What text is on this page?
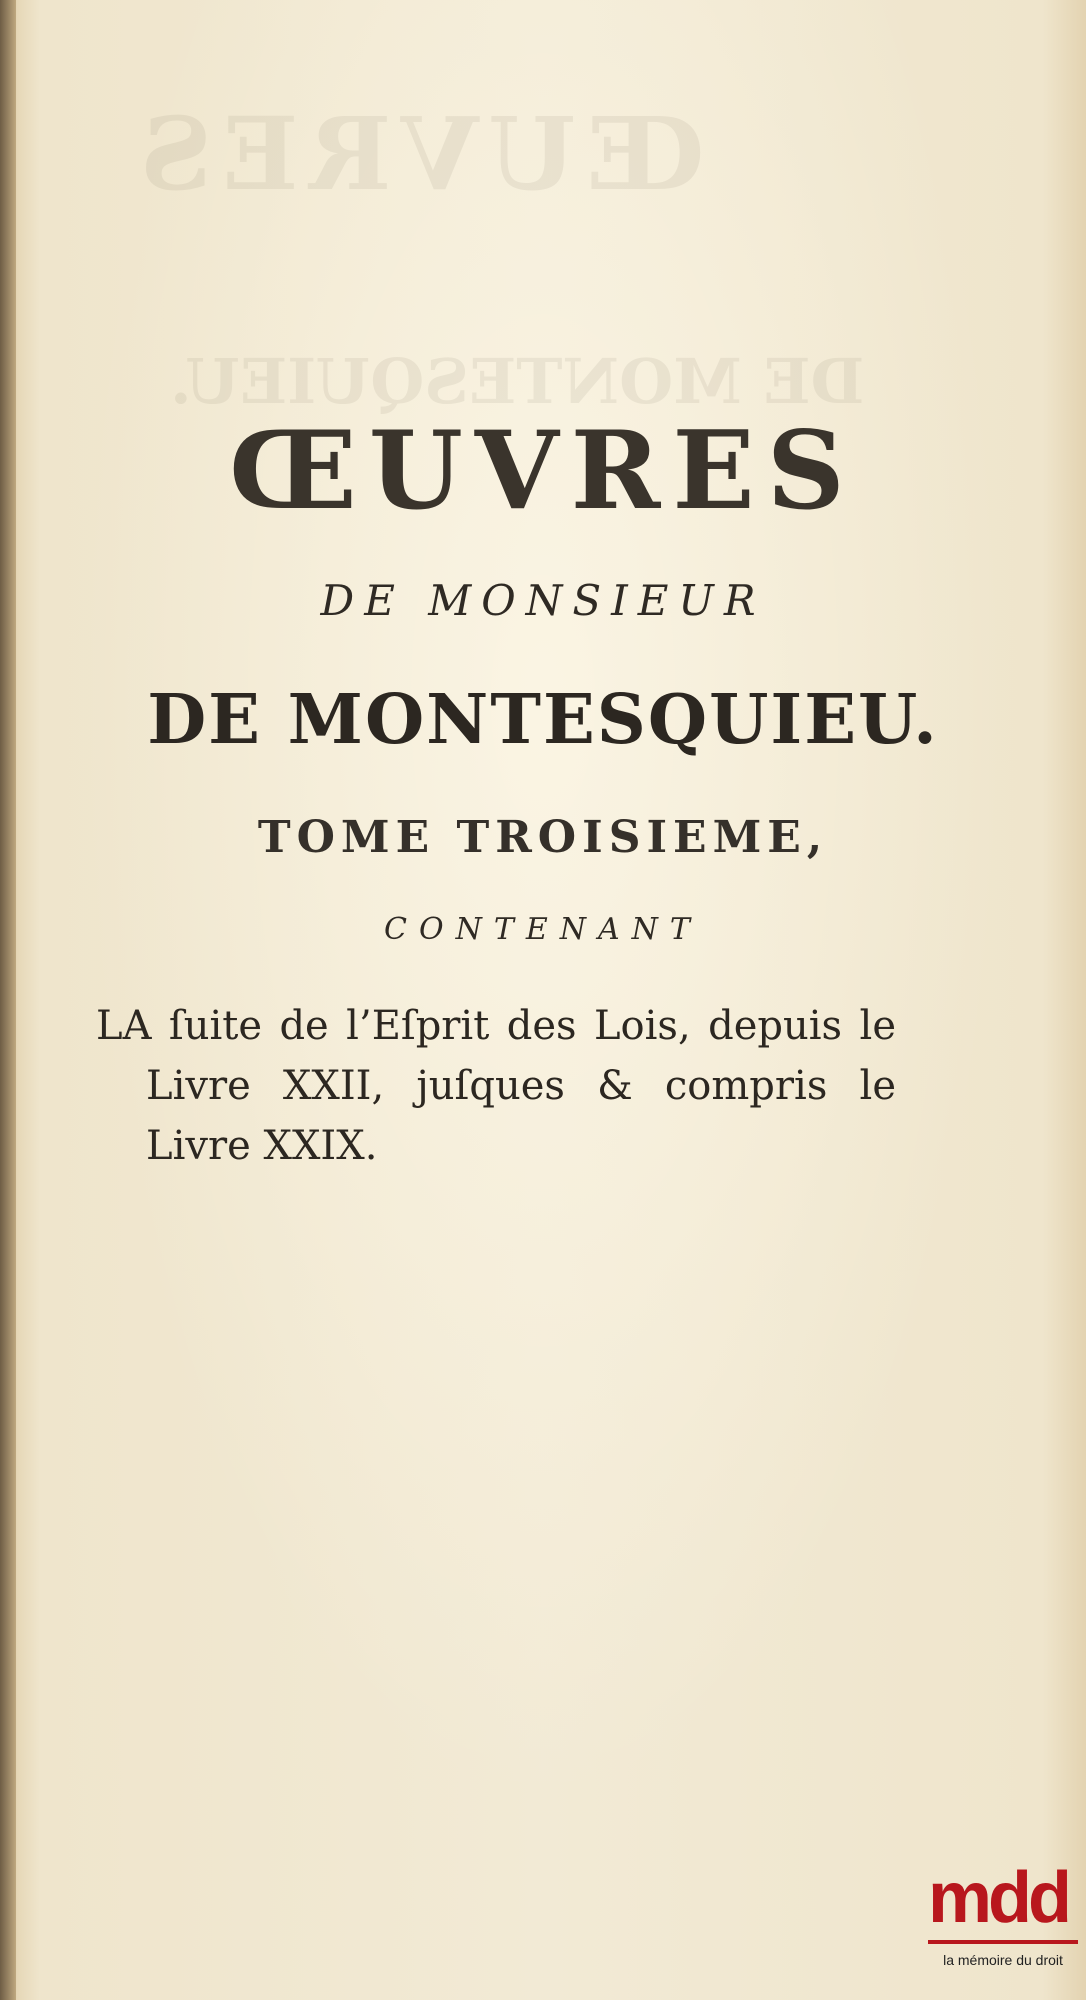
ŒUVRES
DE MONTESQUIEU.
ŒUVRES
DE MONSIEUR
DE MONTESQUIEU.
TOME TROISIEME,
CONTENANT
LA ſuite de l’Eſprit des Lois, depuis le
Livre XXII, juſques & compris le
Livre XXIX.
mdd
la mémoire du droit
